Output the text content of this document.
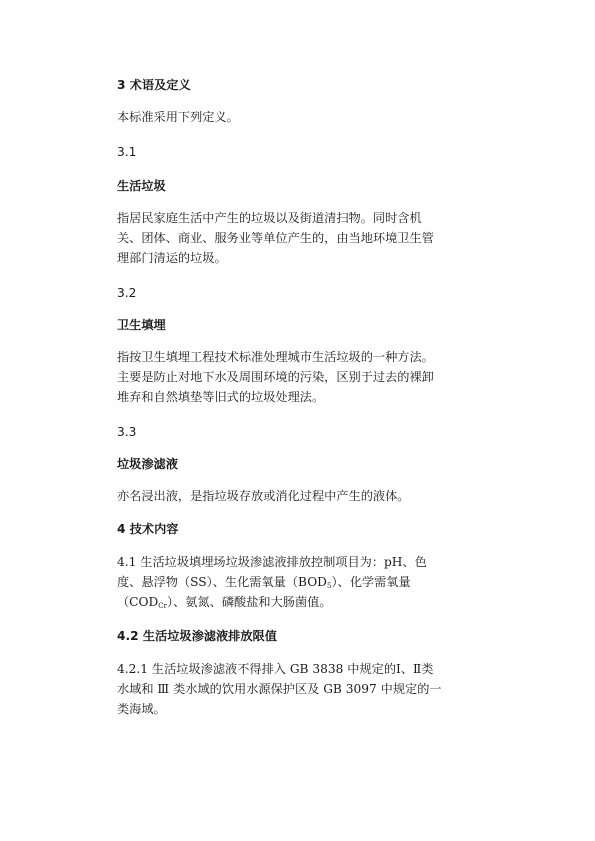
3 术语及定义
本标准采用下列定义。
3.1
生活垃圾
指居民家庭生活中产生的垃圾以及街道清扫物。同时含机
关、团体、商业、服务业等单位产生的，由当地环境卫生管
理部门清运的垃圾。
3.2
卫生填埋
指按卫生填埋工程技术标准处理城市生活垃圾的一种方法。
主要是防止对地下水及周围环境的污染，区别于过去的裸卸
堆弃和自然填垫等旧式的垃圾处理法。
3.3
垃圾渗滤液
亦名浸出液，是指垃圾存放或消化过程中产生的液体。
4 技术内容
4.1 生活垃圾填埋场垃圾渗滤液排放控制项目为：pH、色
度、悬浮物（SS）、生化需氧量$(BOD_5)$、化学需氧量
$(COD_{Cr})$、氨氮、磷酸盐和大肠菌值。
4.2 生活垃圾渗滤液排放限值
4.2.1 生活垃圾渗滤液不得排入 GB 3838 中规定的Ⅰ、Ⅱ类
水域和 Ⅲ 类水域的饮用水源保护区及 GB 3097 中规定的一
类海域。
